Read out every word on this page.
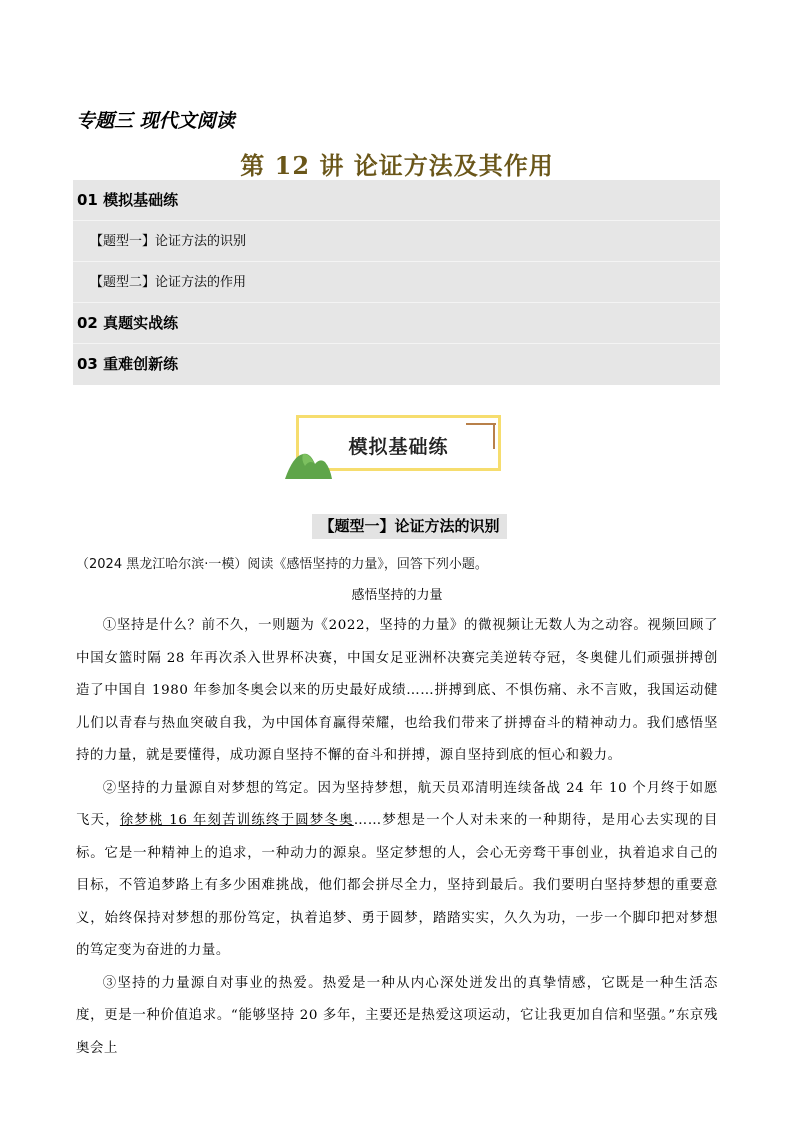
专题三 现代文阅读
第 12 讲 论证方法及其作用
01 模拟基础练
【题型一】论证方法的识别
【题型二】论证方法的作用
02 真题实战练
03 重难创新练
模拟基础练
【题型一】论证方法的识别
（2024 黑龙江哈尔滨·一模）阅读《感悟坚持的力量》，回答下列小题。
感悟坚持的力量

①坚持是什么？前不久，一则题为《2022，坚持的力量》的微视频让无数人为之动容。视频回顾了中国女篮时隔 28 年再次杀入世界杯决赛，中国女足亚洲杯决赛完美逆转夺冠，冬奥健儿们顽强拼搏创造了中国自 1980 年参加冬奥会以来的历史最好成绩……拼搏到底、不惧伤痛、永不言败，我国运动健儿们以青春与热血突破自我，为中国体育赢得荣耀，也给我们带来了拼搏奋斗的精神动力。我们感悟坚持的力量，就是要懂得，成功源自坚持不懈的奋斗和拼搏，源自坚持到底的恒心和毅力。

②坚持的力量源自对梦想的笃定。因为坚持梦想，航天员邓清明连续备战 24 年 10 个月终于如愿飞天，徐梦桃 16 年刻苦训练终于圆梦冬奥……梦想是一个人对未来的一种期待，是用心去实现的目标。它是一种精神上的追求，一种动力的源泉。坚定梦想的人，会心无旁骛干事创业，执着追求自己的目标，不管追梦路上有多少困难挑战，他们都会拼尽全力，坚持到最后。我们要明白坚持梦想的重要意义，始终保持对梦想的那份笃定，执着追梦、勇于圆梦，踏踏实实，久久为功，一步一个脚印把对梦想的笃定变为奋进的力量。

③坚持的力量源自对事业的热爱。热爱是一种从内心深处迸发出的真挚情感，它既是一种生活态度，更是一种价值追求。“能够坚持 20 多年，主要还是热爱这项运动，它让我更加自信和坚强。”东京残奥会上
